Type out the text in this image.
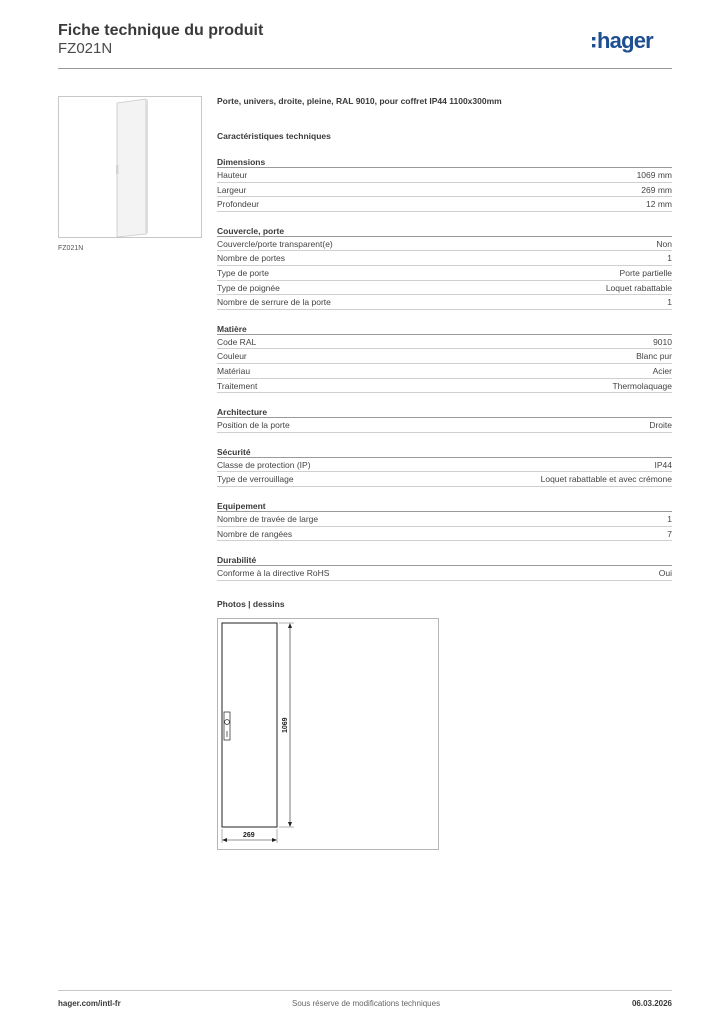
Fiche technique du produit
FZ021N	hager
FZ021N
Porte, univers, droite, pleine, RAL 9010, pour coffret IP44 1100x300mm
Caractéristiques techniques
Dimensions
Hauteur	1069 mm
Largeur	269 mm
Profondeur	12 mm
Couvercle, porte
Couvercle/porte transparent(e)	Non
Nombre de portes	1
Type de porte	Porte partielle
Type de poignée	Loquet rabattable
Nombre de serrure de la porte	1
Matière
Code RAL	9010
Couleur	Blanc pur
Matériau	Acier
Traitement	Thermolaquage
Architecture
Position de la porte	Droite
Sécurité
Classe de protection (IP)	IP44
Type de verrouillage	Loquet rabattable et avec crémone
Equipement
Nombre de travée de large	1
Nombre de rangées	7
Durabilité
Conforme à la directive RoHS	Oui
Photos | dessins
1069
269
hager.com/intl-fr	Sous réserve de modifications techniques	06.03.2026
